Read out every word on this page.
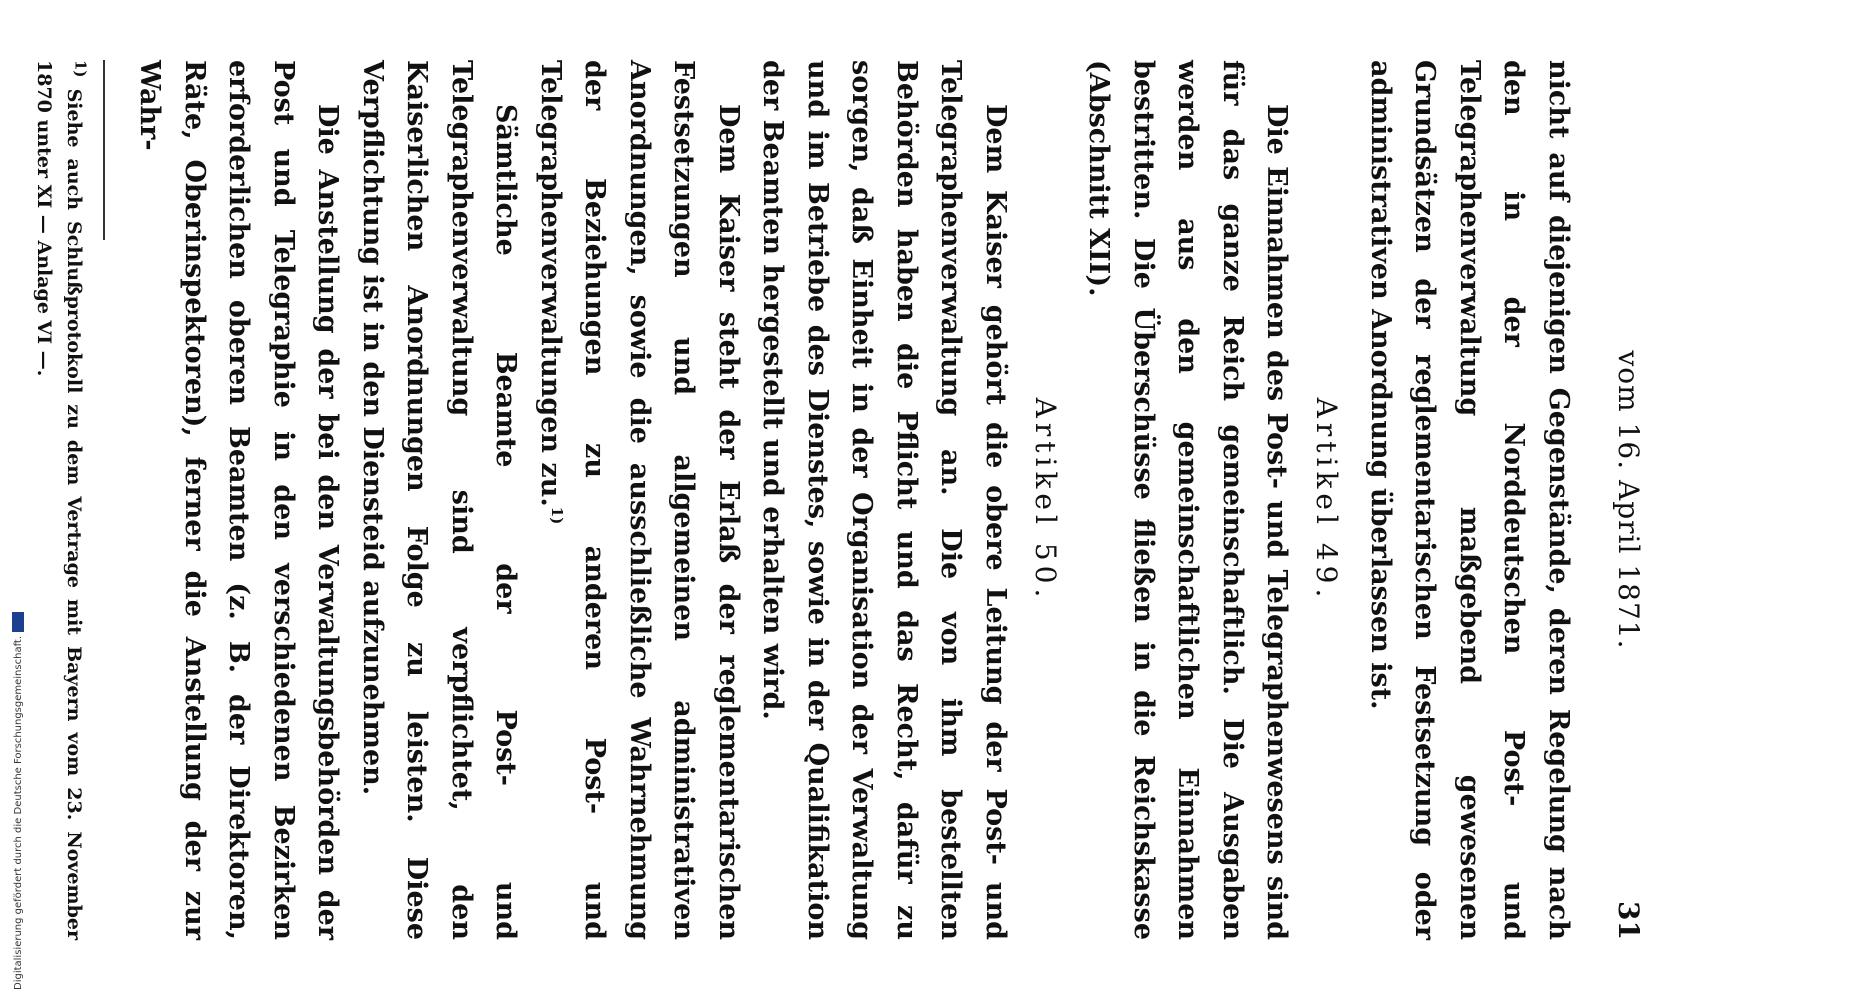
vom 16. April 1871.
31

nicht auf diejenigen Gegenstände, deren Regelung nach den in der Norddeutschen Post- und Telegraphenverwaltung maßgebend gewesenen Grundsätzen der reglementarischen Festsetzung oder administrativen Anordnung überlassen ist.

Artikel 49.

Die Einnahmen des Post- und Telegraphenwesens sind für das ganze Reich gemeinschaftlich. Die Ausgaben werden aus den gemeinschaftlichen Einnahmen bestritten. Die Überschüsse fließen in die Reichskasse (Abschnitt XII).

Artikel 50.

Dem Kaiser gehört die obere Leitung der Post- und Telegraphenverwaltung an. Die von ihm bestellten Behörden haben die Pflicht und das Recht, dafür zu sorgen, daß Einheit in der Organisation der Verwaltung und im Betriebe des Dienstes, sowie in der Qualifikation der Beamten hergestellt und erhalten wird.

Dem Kaiser steht der Erlaß der reglementarischen Festsetzungen und allgemeinen administrativen Anordnungen, sowie die ausschließliche Wahrnehmung der Beziehungen zu anderen Post- und Telegraphenverwaltungen zu.$^{1)}$

Sämtliche Beamte der Post- und Telegraphenverwaltung sind verpflichtet, den Kaiserlichen Anordnungen Folge zu leisten. Diese Verpflichtung ist in den Diensteid aufzunehmen.

Die Anstellung der bei den Verwaltungsbehörden der Post und Telegraphie in den verschiedenen Bezirken erforderlichen oberen Beamten (z. B. der Direktoren, Räte, Oberinspektoren), ferner die Anstellung der zur Wahr-

$^{1)}$ Siehe auch Schlußprotokoll zu dem Vertrage mit Bayern vom 23. November 1870 unter XI — Anlage VI —.

Digitalisierung gefördert durch die Deutsche Forschungsgemeinschaft.
